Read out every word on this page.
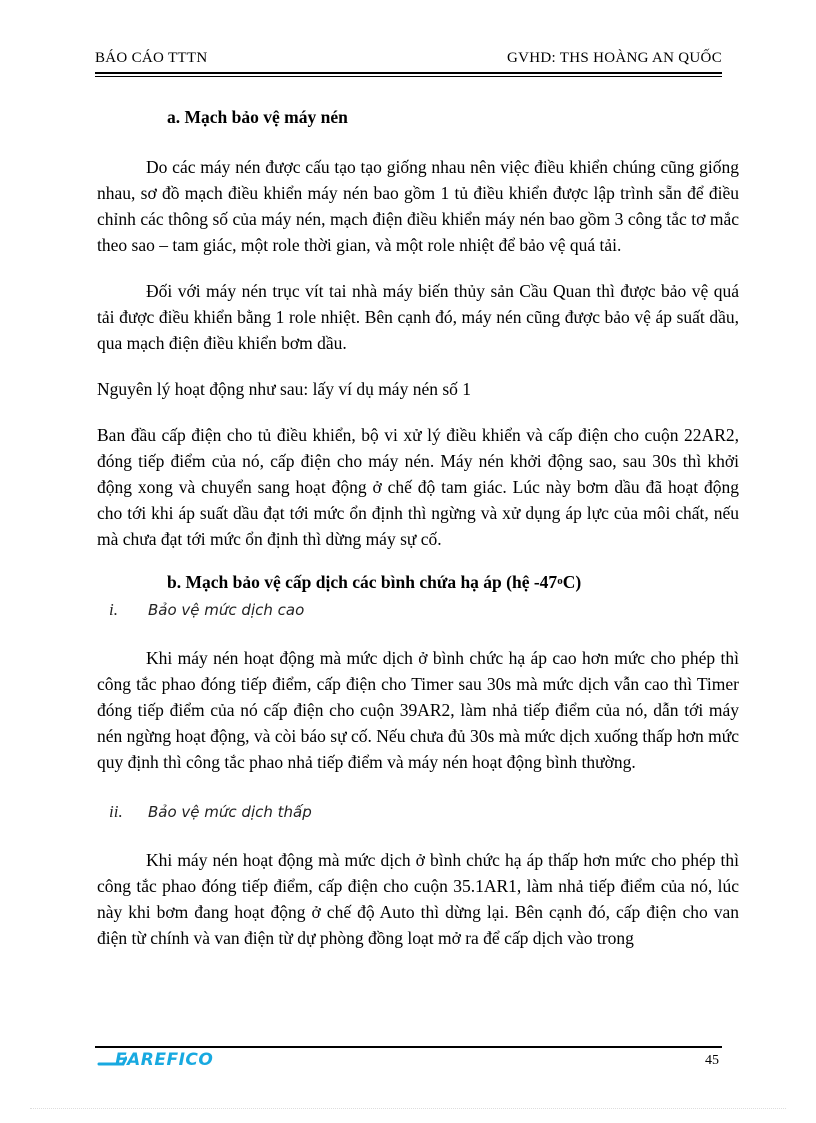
BÁO CÁO TTTN	GVHD: THS HOÀNG AN QUỐC

a. Mạch bảo vệ máy nén

Do các máy nén được cấu tạo tạo giống nhau nên việc điều khiển chúng cũng giống nhau, sơ đồ mạch điều khiển máy nén bao gồm 1 tủ điều khiển được lập trình sẵn để điều chỉnh các thông số của máy nén, mạch điện điều khiển máy nén bao gồm 3 công tắc tơ mắc theo sao – tam giác, một role thời gian, và một role nhiệt để bảo vệ quá tải.

Đối với máy nén trục vít tai nhà máy biến thủy sản Cầu Quan thì được bảo vệ quá tải được điều khiển bằng 1 role nhiệt. Bên cạnh đó, máy nén cũng được bảo vệ áp suất dầu, qua mạch điện điều khiển bơm dầu.

Nguyên lý hoạt động như sau: lấy ví dụ máy nén số 1

Ban đầu cấp điện cho tủ điều khiển, bộ vi xử lý điều khiển và cấp điện cho cuộn 22AR2, đóng tiếp điểm của nó, cấp điện cho máy nén. Máy nén khởi động sao, sau 30s thì khởi động xong và chuyển sang hoạt động ở chế độ tam giác. Lúc này bơm dầu đã hoạt động cho tới khi áp suất dầu đạt tới mức ổn định thì ngừng và xử dụng áp lực của môi chất, nếu mà chưa đạt tới mức ổn định thì dừng máy sự cố.

b. Mạch bảo vệ cấp dịch các bình chứa hạ áp (hệ -47$^o$C)

i. Bảo vệ mức dịch cao

Khi máy nén hoạt động mà mức dịch ở bình chức hạ áp cao hơn mức cho phép thì công tắc phao đóng tiếp điểm, cấp điện cho Timer sau 30s mà mức dịch vẫn cao thì Timer đóng tiếp điểm của nó cấp điện cho cuộn 39AR2, làm nhả tiếp điểm của nó, dẫn tới máy nén ngừng hoạt động, và còi báo sự cố. Nếu chưa đủ 30s mà mức dịch xuống thấp hơn mức quy định thì công tắc phao nhả tiếp điểm và máy nén hoạt động bình thường.

ii. Bảo vệ mức dịch thấp

Khi máy nén hoạt động mà mức dịch ở bình chức hạ áp thấp hơn mức cho phép thì công tắc phao đóng tiếp điểm, cấp điện cho cuộn 35.1AR1, làm nhả tiếp điểm của nó, lúc này khi bơm đang hoạt động ở chế độ Auto thì dừng lại. Bên cạnh đó, cấp điện cho van điện từ chính và van điện từ dự phòng đồng loạt mở ra để cấp dịch vào trong

EAREFICO	45
